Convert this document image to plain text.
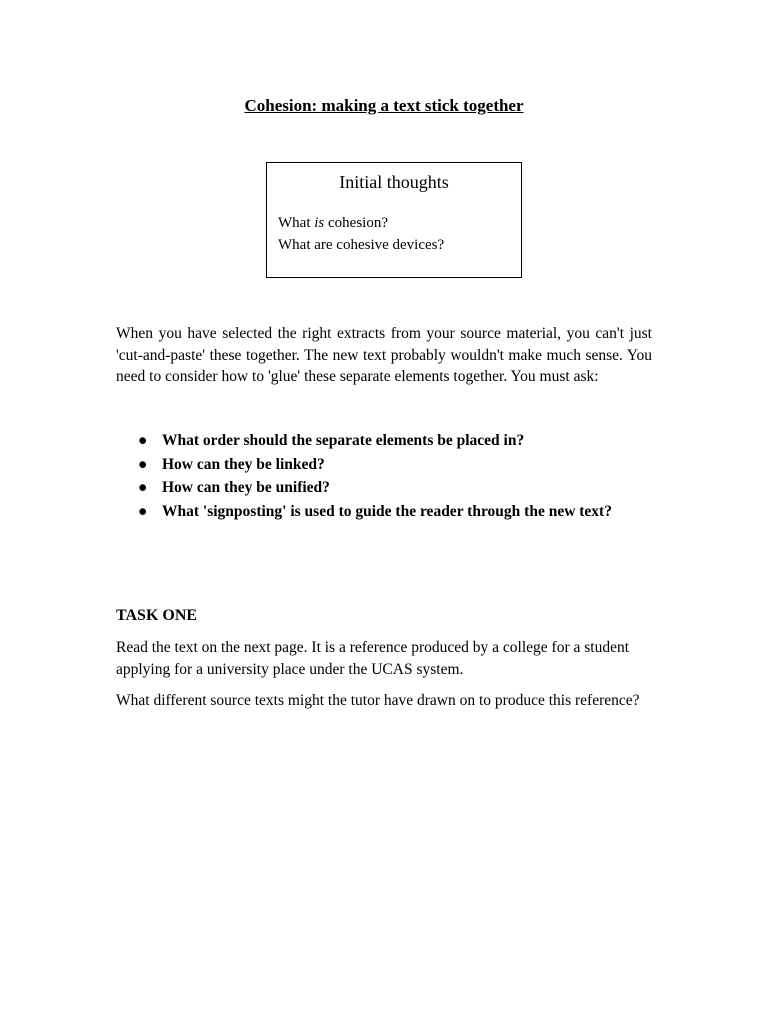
Cohesion: making a text stick together
Initial thoughts
What is cohesion?
What are cohesive devices?

When you have selected the right extracts from your source material, you can't just 'cut-and-paste' these together. The new text probably wouldn't make much sense. You need to consider how to 'glue' these separate elements together. You must ask:

● What order should the separate elements be placed in?
● How can they be linked?
● How can they be unified?
● What 'signposting' is used to guide the reader through the new text?
TASK ONE

Read the text on the next page. It is a reference produced by a college for a student applying for a university place under the UCAS system.

What different source texts might the tutor have drawn on to produce this reference?
